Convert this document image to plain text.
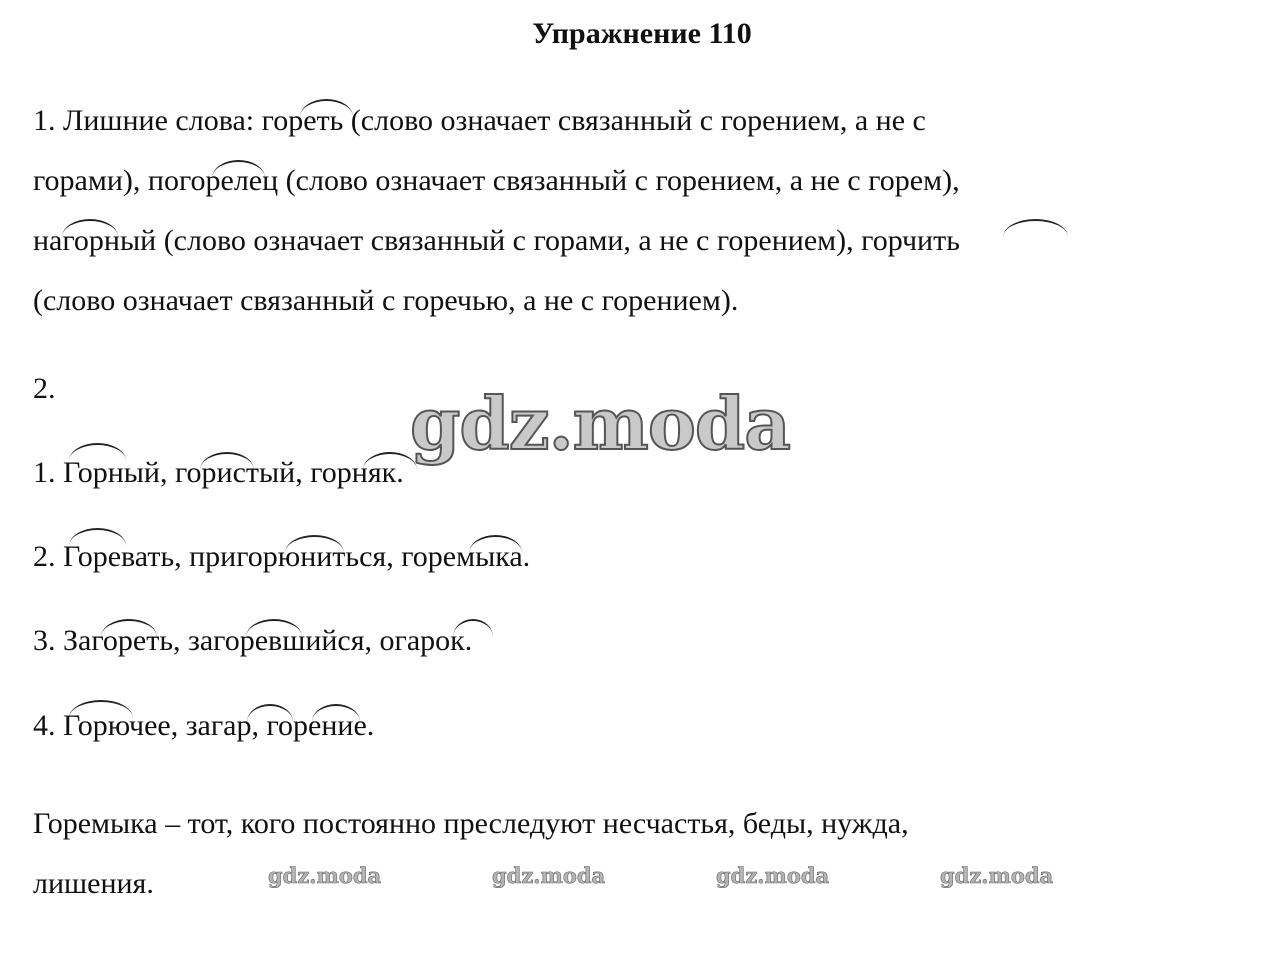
Упражнение 110
1. Лишние слова: гореть (слово означает связанный с горением, а не с
горами), погорелец (слово означает связанный с горением, а не с горем),
нагорный (слово означает связанный с горами, а не с горением), горчить
(слово означает связанный с горечью, а не с горением).
2.
1. Горный, гористый, горняк.
2. Горевать, пригорюниться, горемыка.
3. Загореть, загоревшийся, огарок.
4. Горючее, загар, горение.
Горемыка – тот, кого постоянно преследуют несчастья, беды, нужда,
лишения.
gdz.moda
gdz.moda	gdz.moda	gdz.moda	gdz.moda
